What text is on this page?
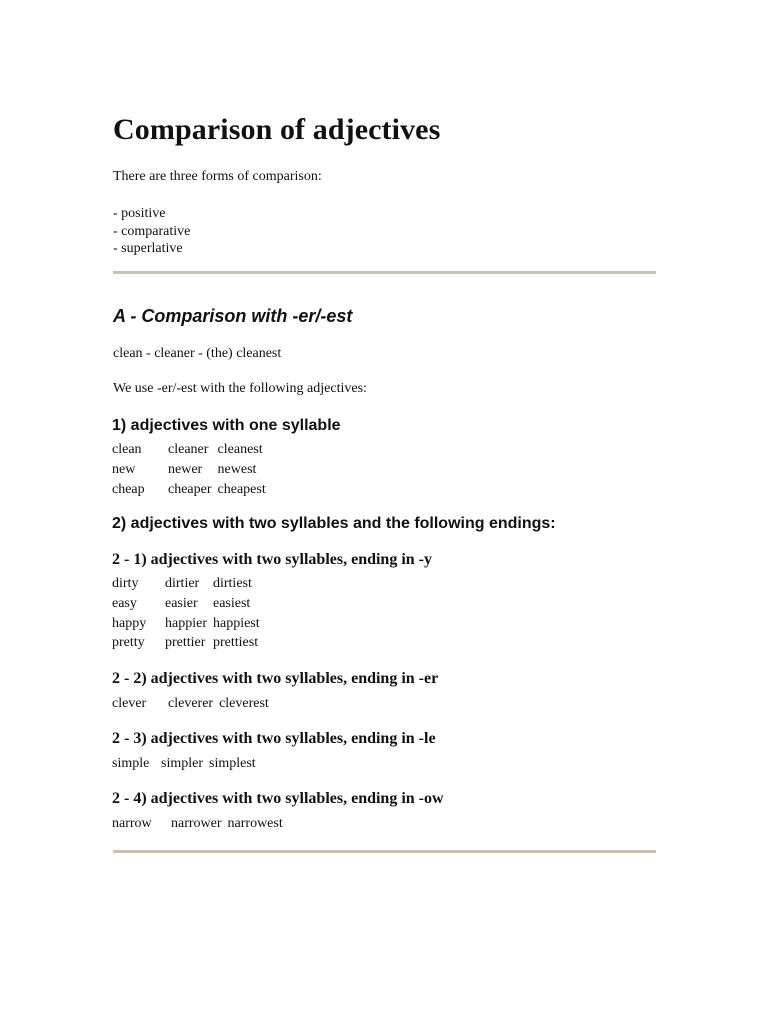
Comparison of adjectives

There are three forms of comparison:

- positive
- comparative
- superlative
A - Comparison with -er/-est

clean - cleaner - (the) cleanest

We use -er/-est with the following adjectives:

1) adjectives with one syllable
clean	cleaner	cleanest
new	newer	newest
cheap	cheaper	cheapest
2) adjectives with two syllables and the following endings:
2 - 1) adjectives with two syllables, ending in -y
dirty	dirtier	dirtiest
easy	easier	easiest
happy	happier	happiest
pretty	prettier	prettiest
2 - 2) adjectives with two syllables, ending in -er
clever	cleverer	cleverest
2 - 3) adjectives with two syllables, ending in -le
simple	simpler	simplest
2 - 4) adjectives with two syllables, ending in -ow
narrow	narrower	narrowest
